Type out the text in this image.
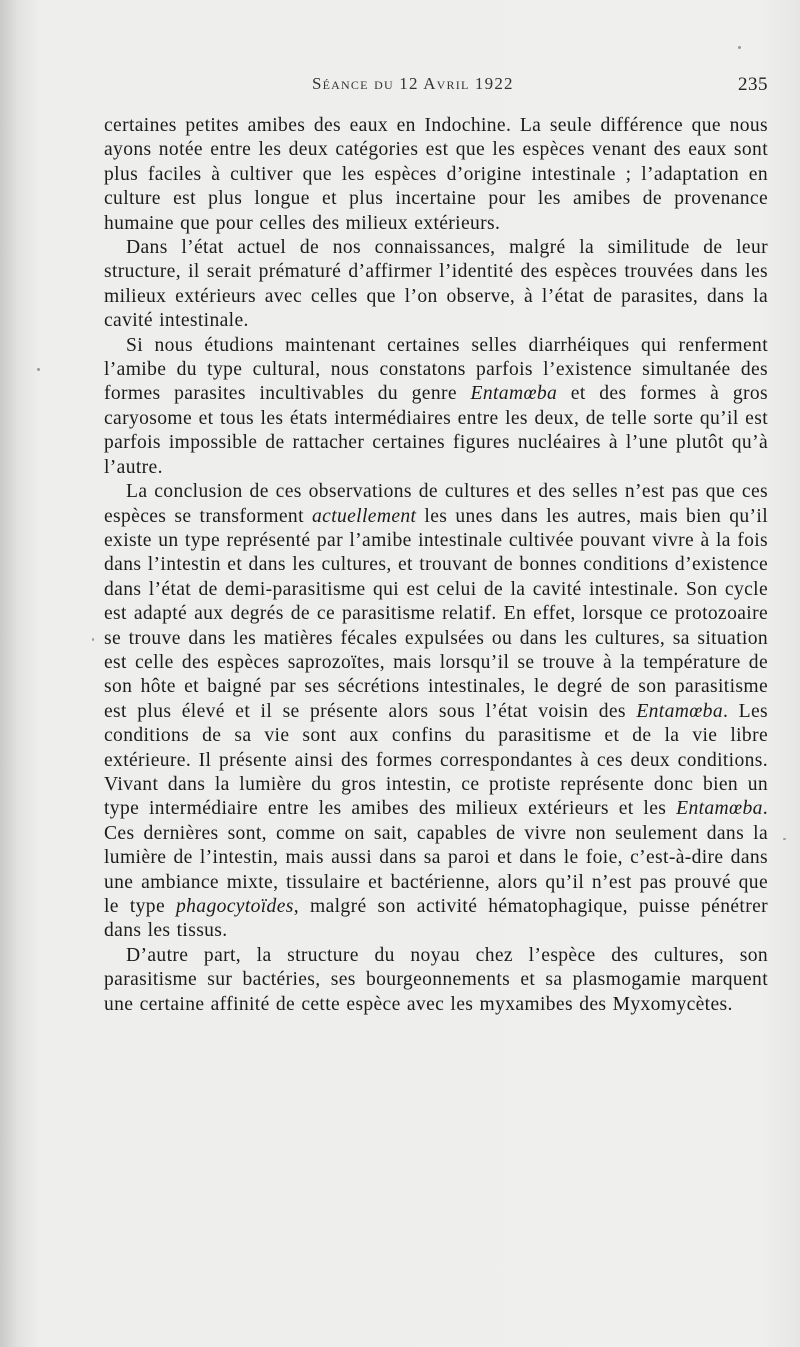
Séance du 12 Avril 1922	235

certaines petites amibes des eaux en Indochine. La seule différence que nous ayons notée entre les deux catégories est que les espèces venant des eaux sont plus faciles à cultiver que les espèces d’origine intestinale ; l’adaptation en culture est plus longue et plus incertaine pour les amibes de provenance humaine que pour celles des milieux extérieurs.

Dans l’état actuel de nos connaissances, malgré la similitude de leur structure, il serait prématuré d’affirmer l’identité des espèces trouvées dans les milieux extérieurs avec celles que l’on observe, à l’état de parasites, dans la cavité intestinale.

Si nous étudions maintenant certaines selles diarrhéiques qui renferment l’amibe du type cultural, nous constatons parfois l’existence simultanée des formes parasites incultivables du genre Entamœba et des formes à gros caryosome et tous les états intermédiaires entre les deux, de telle sorte qu’il est parfois impossible de rattacher certaines figures nucléaires à l’une plutôt qu’à l’autre.

La conclusion de ces observations de cultures et des selles n’est pas que ces espèces se transforment actuellement les unes dans les autres, mais bien qu’il existe un type représenté par l’amibe intestinale cultivée pouvant vivre à la fois dans l’intestin et dans les cultures, et trouvant de bonnes conditions d’existence dans l’état de demi-parasitisme qui est celui de la cavité intestinale. Son cycle est adapté aux degrés de ce parasitisme relatif. En effet, lorsque ce protozoaire se trouve dans les matières fécales expulsées ou dans les cultures, sa situation est celle des espèces saprozoïtes, mais lorsqu’il se trouve à la température de son hôte et baigné par ses sécrétions intestinales, le degré de son parasitisme est plus élevé et il se présente alors sous l’état voisin des Entamœba. Les conditions de sa vie sont aux confins du parasitisme et de la vie libre extérieure. Il présente ainsi des formes correspondantes à ces deux conditions. Vivant dans la lumière du gros intestin, ce protiste représente donc bien un type intermédiaire entre les amibes des milieux extérieurs et les Entamœba. Ces dernières sont, comme on sait, capables de vivre non seulement dans la lumière de l’intestin, mais aussi dans sa paroi et dans le foie, c’est-à-dire dans une ambiance mixte, tissulaire et bactérienne, alors qu’il n’est pas prouvé que le type phagocytoïdes, malgré son activité hématophagique, puisse pénétrer dans les tissus.

D’autre part, la structure du noyau chez l’espèce des cultures, son parasitisme sur bactéries, ses bourgeonnements et sa plasmogamie marquent une certaine affinité de cette espèce avec les myxamibes des Myxomycètes.
